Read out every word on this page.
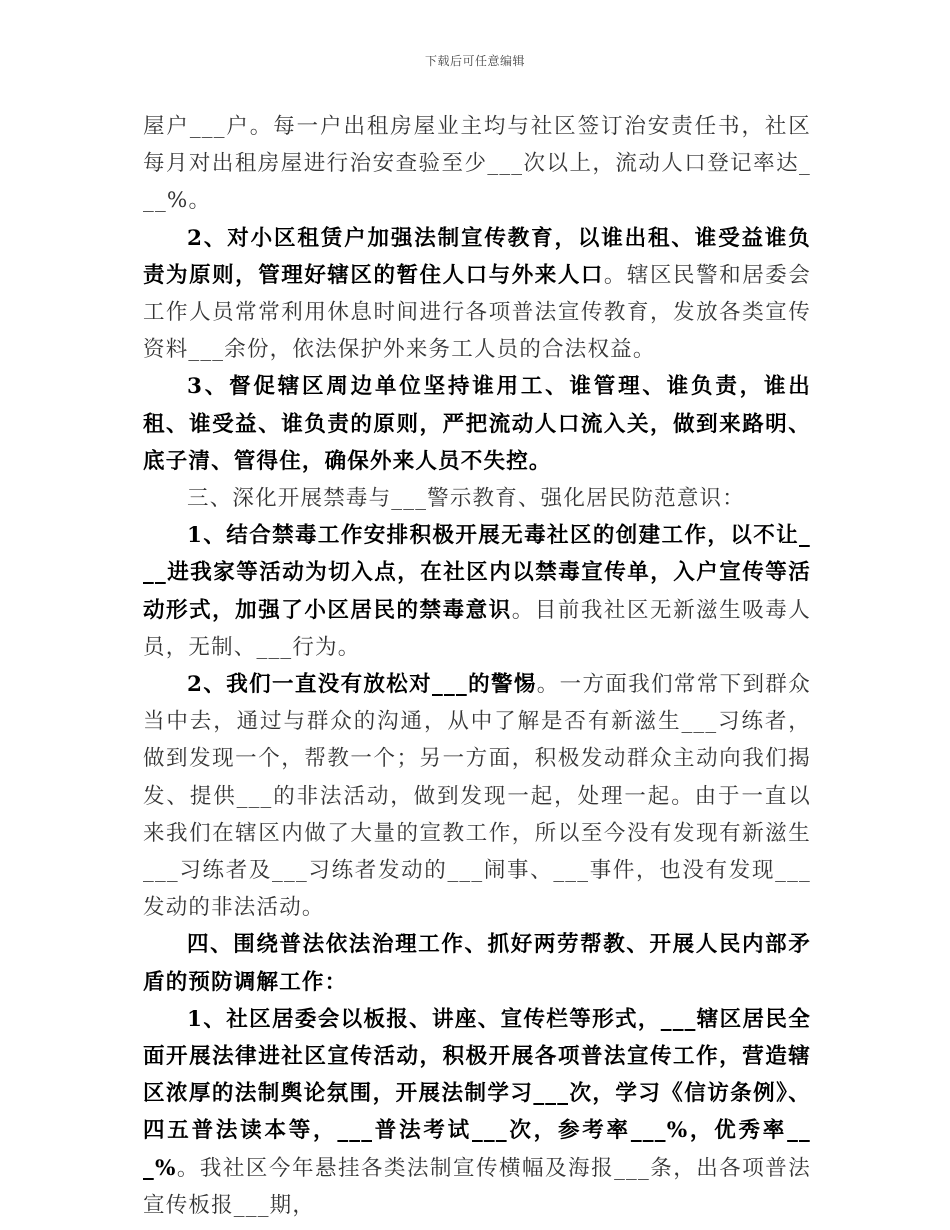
下载后可任意编辑

屋户___户。每一户出租房屋业主均与社区签订治安责任书，社区每月对出租房屋进行治安查验至少___次以上，流动人口登记率达___%。

2、对小区租赁户加强法制宣传教育，以谁出租、谁受益谁负责为原则，管理好辖区的暂住人口与外来人口。辖区民警和居委会工作人员常常利用休息时间进行各项普法宣传教育，发放各类宣传资料___余份，依法保护外来务工人员的合法权益。

3、督促辖区周边单位坚持谁用工、谁管理、谁负责，谁出租、谁受益、谁负责的原则，严把流动人口流入关，做到来路明、底子清、管得住，确保外来人员不失控。

三、深化开展禁毒与___警示教育、强化居民防范意识：

1、结合禁毒工作安排积极开展无毒社区的创建工作，以不让___进我家等活动为切入点，在社区内以禁毒宣传单，入户宣传等活动形式，加强了小区居民的禁毒意识。目前我社区无新滋生吸毒人员，无制、___行为。

2、我们一直没有放松对___的警惕。一方面我们常常下到群众当中去，通过与群众的沟通，从中了解是否有新滋生___习练者，做到发现一个，帮教一个；另一方面，积极发动群众主动向我们揭发、提供___的非法活动，做到发现一起，处理一起。由于一直以来我们在辖区内做了大量的宣教工作，所以至今没有发现有新滋生___习练者及___习练者发动的___闹事、___事件，也没有发现___发动的非法活动。

四、围绕普法依法治理工作、抓好两劳帮教、开展人民内部矛盾的预防调解工作：

1、社区居委会以板报、讲座、宣传栏等形式，___辖区居民全面开展法律进社区宣传活动，积极开展各项普法宣传工作，营造辖区浓厚的法制舆论氛围，开展法制学习___次，学习《信访条例》、四五普法读本等，___普法考试___次，参考率___%，优秀率___%。我社区今年悬挂各类法制宣传横幅及海报___条，出各项普法宣传板报___期，
